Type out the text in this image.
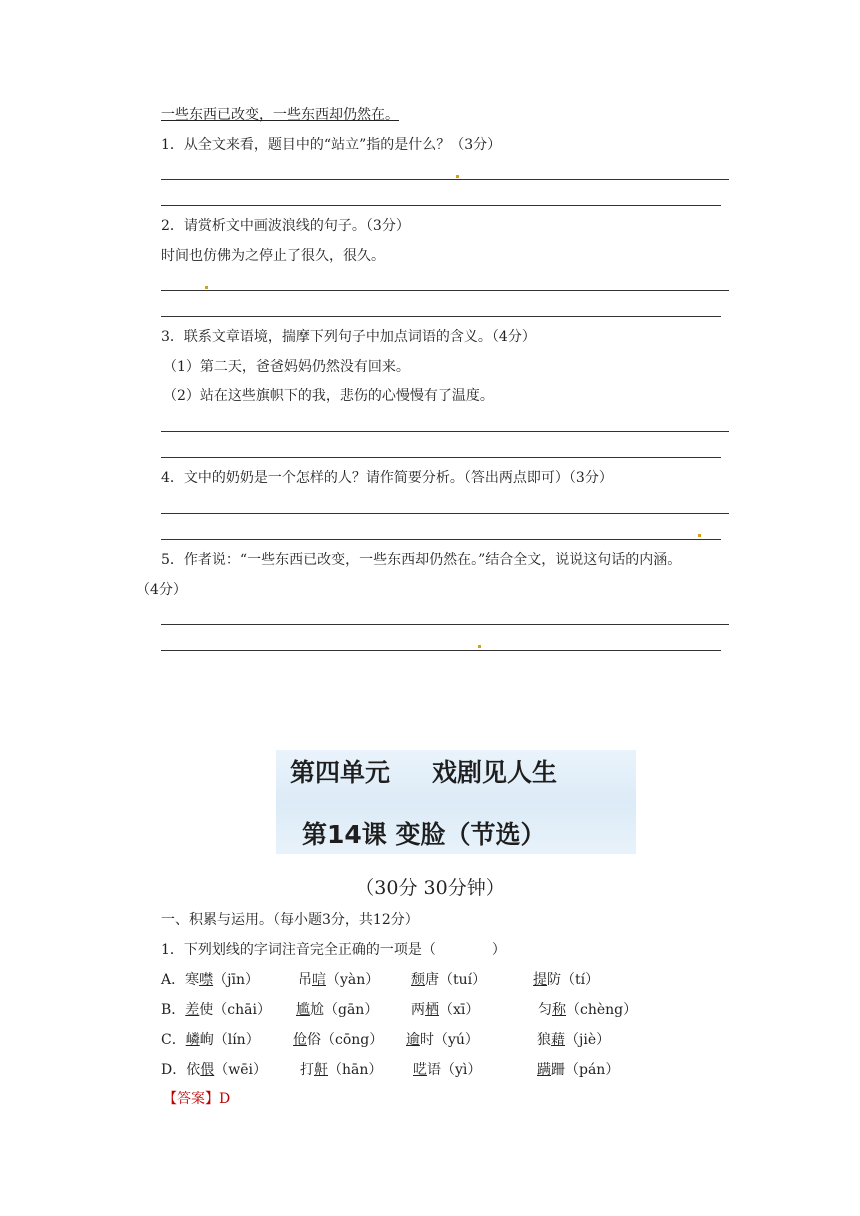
一些东西已改变，一些东西却仍然在。
1．从全文来看，题目中的“站立”指的是什么？（3分）
2．请赏析文中画波浪线的句子。（3分）
时间也仿佛为之停止了很久，很久。
3．联系文章语境，揣摩下列句子中加点词语的含义。（4分）
（1）第二天，爸爸妈妈仍然没有回来。
（2）站在这些旗帜下的我，悲伤的心慢慢有了温度。
4．文中的奶奶是一个怎样的人？请作简要分析。（答出两点即可）（3分）
5．作者说：“一些东西已改变，一些东西却仍然在。”结合全文，说说这句话的内涵。
（4分）
第四单元 戏剧见人生
第14课 变脸（节选）
（30分 30分钟）
一、积累与运用。（每小题3分，共12分）
1．下列划线的字词注音完全正确的一项是（　　　　）
A．寒噤（jīn）	吊唁（yàn） 颓唐（tuí）	提防（tí）
B．差使（chāi） 尴尬（gān） 两栖（xī）	匀称（chèng）
C．嶙峋（lín） 伧俗（cōng） 逾时（yú）	狼藉（jiè）
D．依偎（wēi） 打鼾（hān） 呓语（yì）	蹒跚（pán）
【答案】D
